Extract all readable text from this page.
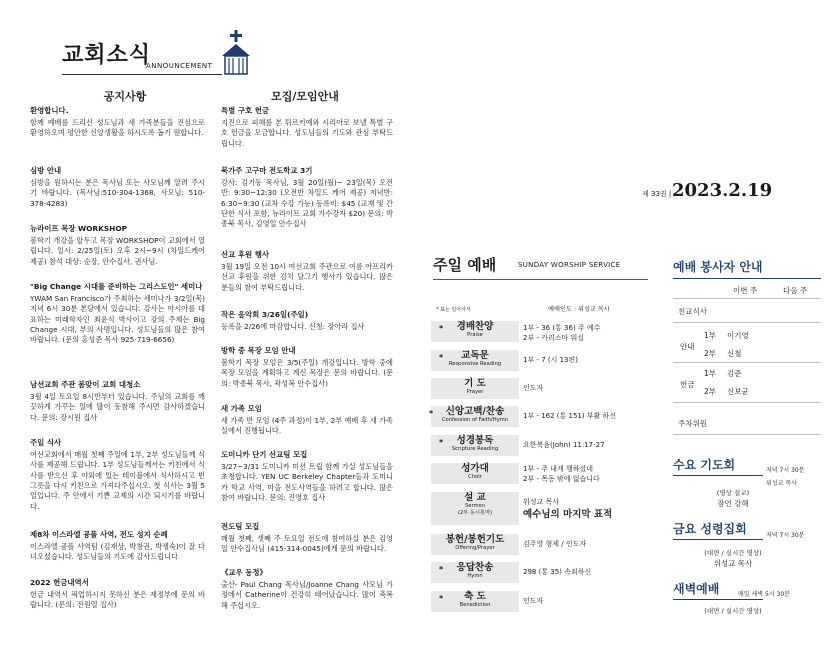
교회소식
ANNOUNCEMENT
공지사항
환영합니다.
함께 예배를 드리신 성도님과 새 가족분들을 진심으로 환영하오며 평안한 신앙생활을 하시도록 돕기 원합니다.
심방 안내
심방을 원하시는 분은 목사님 또는 사모님께 알려 주시기 바랍니다. (목사님:510-304-1368, 사모님: 510-378-4283)
뉴라이프 목장 WORKSHOP
봄학기 개강을 앞두고 목장 WORKSHOP이 교회에서 열립니다. 일시: 2/25일(토) 오후 2시~9시 (차일드케어 제공) 참석 대상: 순장, 안수집사, 권사님.
"Big Change 시대를 준비하는 그리스도인" 세미나
YWAM San Francisco가 주최하는 세미나가 3/2일(목) 저녁 6시 30분 본당에서 있습니다. 강사는 아시아를 대표하는 미래학자인 최윤식 박사이고 강의 주제는 Big Change 시대, 부의 사명입니다. 성도님들의 많은 참여 바랍니다. (문의 홍성준 목사 925-719-6656)
남선교회 주관 봄맞이 교회 대청소
3월 4일 토요일 8시반부터 있습니다. 주님의 교회를 깨끗하게 가꾸는 일에 많이 동참해 주시면 감사하겠습니다. 문의: 장시원 집사
주일 식사
여선교회에서 매월 첫째 주일에 1부, 2부 성도님들께 식사를 제공해 드립니다. 1부 성도님들께서는 키친에서 식사를 받으신 후 야외에 있는 테이블에서 식사하시고 빈 그릇을 다시 키친으로 가져다주십시오. 첫 식사는 3월 5일입니다. 주 안에서 기쁜 교제의 시간 되시기를 바랍니다.
제8차 이스라엘 굥플 사역, 전도 성지 순례
이스라엘 굥플 사역팀 (김재상, 박창권, 박쟁숙)이 잘 다녀오셨습니다. 성도님들의 기도에 감사드립니다.
2022 헌금내역서
헌금 내역서 픽업하시지 못하신 분은 재정부에 문의 바랍니다. (문의: 전원열 집사)
모집/모임안내
특별 구호 헌금
지진으로 피해를 본 튀르키예와 시리아로 보낼 특별 구호 헌금을 모금합니다. 성도님들의 기도와 관심 부탁드립니다.
북가주 고구마 전도학교 3기
강사: 김기동 목사님, 3월 20일(월)~ 23일(목) 오전반: 9:30~12:30 (오전반 차일드 케어 제공) 저녁반: 6:30~9:30 (교차 수강 가능) 등록비: $45 (교재 및 간단한 식사 포함, 뉴라이프 교회 가수강자 $20) 문의: 박종북 목사, 김영일 안수집사
선교 후원 행사
3월 19일 오전 10시 여선교회 주관으로 여름 아프리카 선교 후원을 위한 김치 담그기 행사가 있습니다. 많은 분들의 참여 부탁드립니다.
작은 음악회 3/26일(주일)
등록을 2/26에 마감합니다. 신청: 장아라 집사
방학 중 목장 모임 안내
봄학기 목장 모임은 3/5(주일) 개강입니다. 방학 중에 목장 모임을 계획하고 계신 목장은 문의 바랍니다. (문의: 박종북 목사, 곽성복 안수집사)
새 가족 모임
새 가족 반 모임 (4주 과정)이 1부, 2부 예배 후 새 가족실에서 진행됩니다.
도미니카 단기 선교팀 모집
3/27~3/31 도미니카 미션 트립 함께 가실 성도님들을 초청합니다. YEN UC Berkeley Chapter들과 도미니카 학교 사역, 마을 전도사역들을 하려고 합니다. 많은 참여 바랍니다. 문의: 진영호 집사
전도팀 모집
매월 첫째, 셋째 주 토요일 전도에 참여하실 분은 김영일 안수집사님 (415-314-0045)에게 문의 바랍니다.
《교우 동정》
출산- Paul Chang 목사님/Joanne Chang 사모님 가정에서 Catherine이 건강히 태어났습니다. 많이 축복해 주십시오.
제 33권 | 2023.2.19
주일 예배	SUNDAY WORSHIP SERVICE
* 표는 일어서서	예배인도 : 위성교 목사
경배찬양
Praise
*	1부 - 36 (통 36) 주 예수
2부 - 카리스마 워십
교독문
Responsive Reading
*	1부 - 7 (시 13편)
기 도
Prayer	인도자
신앙고백/찬송
Confession of Faith/Hymn
*	1부 - 162 (통 151) 부활 하신
성경봉독
Scripture Reading
*	요한복음(John) 11:17-27
성가대
Choir
1부 - 주 내게 행하셨네
2부 - 목동 밖에 없습니다
설 교
Sermon
(2부 동시통역)
위성교 목사
예수님의 마지막 표적
봉헌/봉헌기도
Offering/Prayer	김주영 형제 / 인도자
응답찬송
Hymn
*	298 (통 35) 속죄하신
축 도
Benediction
*	인도자
예배 봉사자 안내
이번 주	다음 주
친교식사
안내
1부 이기영
2부 신철
헌금
1부 김준
2부 신보균
주차위원
수요 기도회	저녁 7시 30분
위성교 목사
(영상 설교)
잠언 강해
금요 성령집회	저녁 7시 30분
(대면 / 실시간 영상)
위성교 목사
새벽예배	매일 새벽 5시 30분
(대면 / 실시간 영상)
